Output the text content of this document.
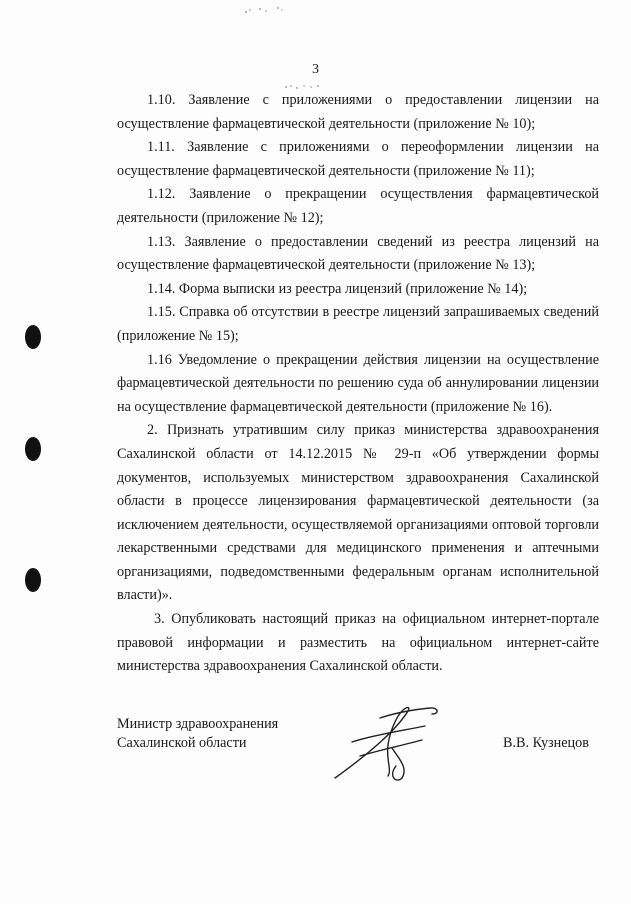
3

1.10. Заявление с приложениями о предоставлении лицензии на осуществление фармацевтической деятельности (приложение № 10);

1.11. Заявление с приложениями о переоформлении лицензии на осуществление фармацевтической деятельности (приложение № 11);

1.12. Заявление о прекращении осуществления фармацевтической деятельности (приложение № 12);

1.13. Заявление о предоставлении сведений из реестра лицензий на осуществление фармацевтической деятельности (приложение № 13);

1.14. Форма выписки из реестра лицензий (приложение № 14);

1.15. Справка об отсутствии в реестре лицензий запрашиваемых сведений (приложение № 15);

1.16 Уведомление о прекращении действия лицензии на осуществление фармацевтической деятельности по решению суда об аннулировании лицензии на осуществление фармацевтической деятельности (приложение № 16).

2. Признать утратившим силу приказ министерства здравоохранения Сахалинской области от 14.12.2015 № 29-п «Об утверждении формы документов, используемых министерством здравоохранения Сахалинской области в процессе лицензирования фармацевтической деятельности (за исключением деятельности, осуществляемой организациями оптовой торговли лекарственными средствами для медицинского применения и аптечными организациями, подведомственными федеральным органам исполнительной власти)».

3. Опубликовать настоящий приказ на официальном интернет-портале правовой информации и разместить на официальном интернет-сайте министерства здравоохранения Сахалинской области.

Министр здравоохранения
Сахалинской области	В.В. Кузнецов
